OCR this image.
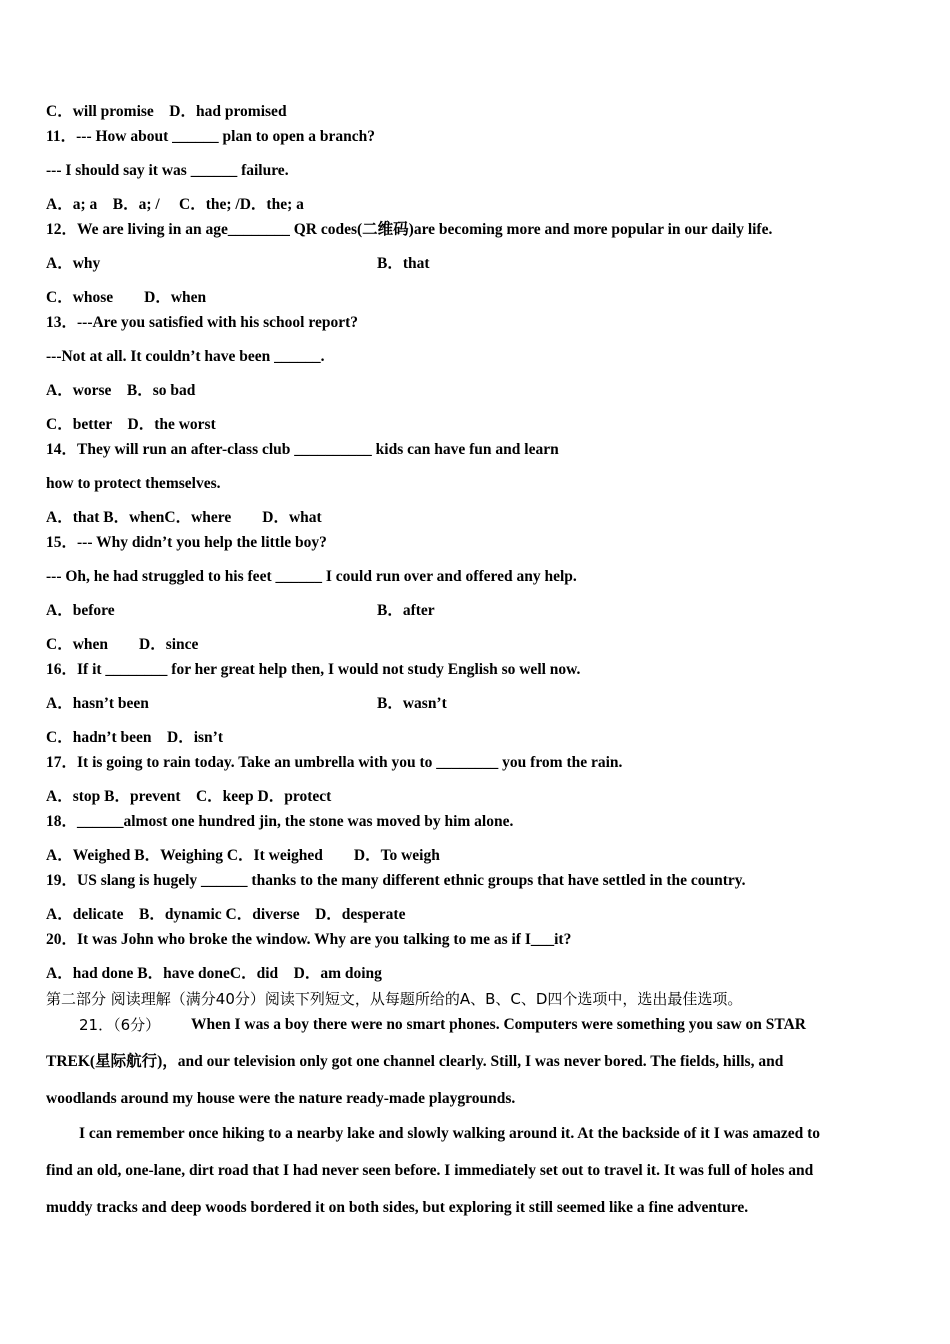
C．will promise　D．had promised
11．--- How about ______ plan to open a branch?
--- I should say it was ______ failure.
A．a; a　B．a; /　 C．the; /D．the; a
12．We are living in an age________ QR codes(二维码)are becoming more and more popular in our daily life.
A．why	B．that
C．whose　　D．when
13．---Are you satisfied with his school report?
---Not at all. It couldn’t have been ______.
A．worse　B．so bad
C．better　D．the worst
14．They will run an after-class club __________ kids can have fun and learn
how to protect themselves.
A．that B．whenC．where　　D．what
15．--- Why didn’t you help the little boy?
--- Oh, he had struggled to his feet ______ I could run over and offered any help.
A．before	B．after
C．when　　D．since
16．If it ________ for her great help then, I would not study English so well now.
A．hasn’t been	B．wasn’t
C．hadn’t been　D．isn’t
17．It is going to rain today. Take an umbrella with you to ________ you from the rain.
A．stop B．prevent　C．keep D．protect
18．______almost one hundred jin, the stone was moved by him alone.
A．Weighed B．Weighing C．It weighed　　D．To weigh
19．US slang is hugely ______ thanks to the many different ethnic groups that have settled in the country.
A．delicate　B．dynamic C．diverse　D．desperate
20．It was John who broke the window. Why are you talking to me as if I___it?
A．had done B．have doneC．did　D．am doing
第二部分 阅读理解（满分40分）阅读下列短文，从每题所给的A、B、C、D四个选项中，选出最佳选项。
21．（6分） When I was a boy there were no smart phones. Computers were something you saw on STAR
TREK(星际航行)，and our television only got one channel clearly. Still, I was never bored. The fields, hills, and
woodlands around my house were the nature ready-made playgrounds.
I can remember once hiking to a nearby lake and slowly walking around it. At the backside of it I was amazed to
find an old, one-lane, dirt road that I had never seen before. I immediately set out to travel it. It was full of holes and
muddy tracks and deep woods bordered it on both sides, but exploring it still seemed like a fine adventure.
